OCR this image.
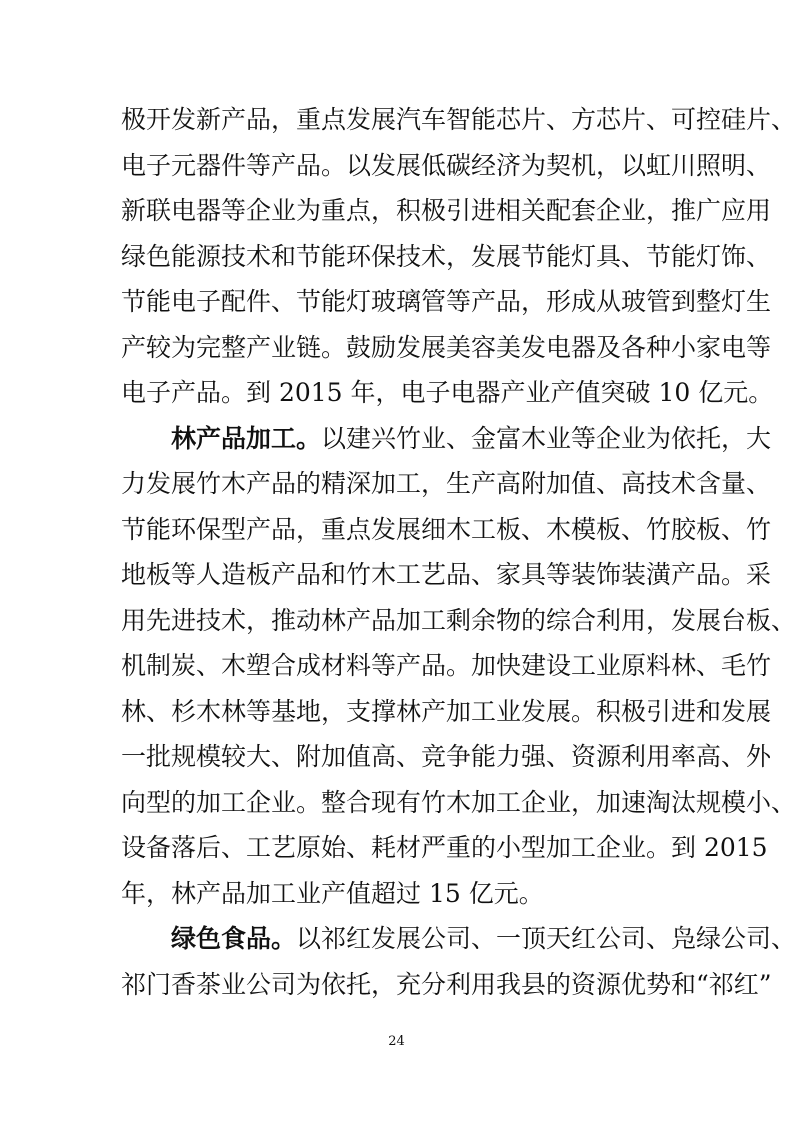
极开发新产品，重点发展汽车智能芯片、方芯片、可控硅片、
电子元器件等产品。以发展低碳经济为契机，以虹川照明、
新联电器等企业为重点，积极引进相关配套企业，推广应用
绿色能源技术和节能环保技术，发展节能灯具、节能灯饰、
节能电子配件、节能灯玻璃管等产品，形成从玻管到整灯生
产较为完整产业链。鼓励发展美容美发电器及各种小家电等
电子产品。到 2015 年，电子电器产业产值突破 10 亿元。
林产品加工。以建兴竹业、金富木业等企业为依托，大
力发展竹木产品的精深加工，生产高附加值、高技术含量、
节能环保型产品，重点发展细木工板、木模板、竹胶板、竹
地板等人造板产品和竹木工艺品、家具等装饰装潢产品。采
用先进技术，推动林产品加工剩余物的综合利用，发展台板、
机制炭、木塑合成材料等产品。加快建设工业原料林、毛竹
林、杉木林等基地，支撑林产加工业发展。积极引进和发展
一批规模较大、附加值高、竞争能力强、资源利用率高、外
向型的加工企业。整合现有竹木加工企业，加速淘汰规模小、
设备落后、工艺原始、耗材严重的小型加工企业。到 2015
年，林产品加工业产值超过 15 亿元。
绿色食品。以祁红发展公司、一顶天红公司、凫绿公司、
祁门香茶业公司为依托，充分利用我县的资源优势和“祁红”
24
